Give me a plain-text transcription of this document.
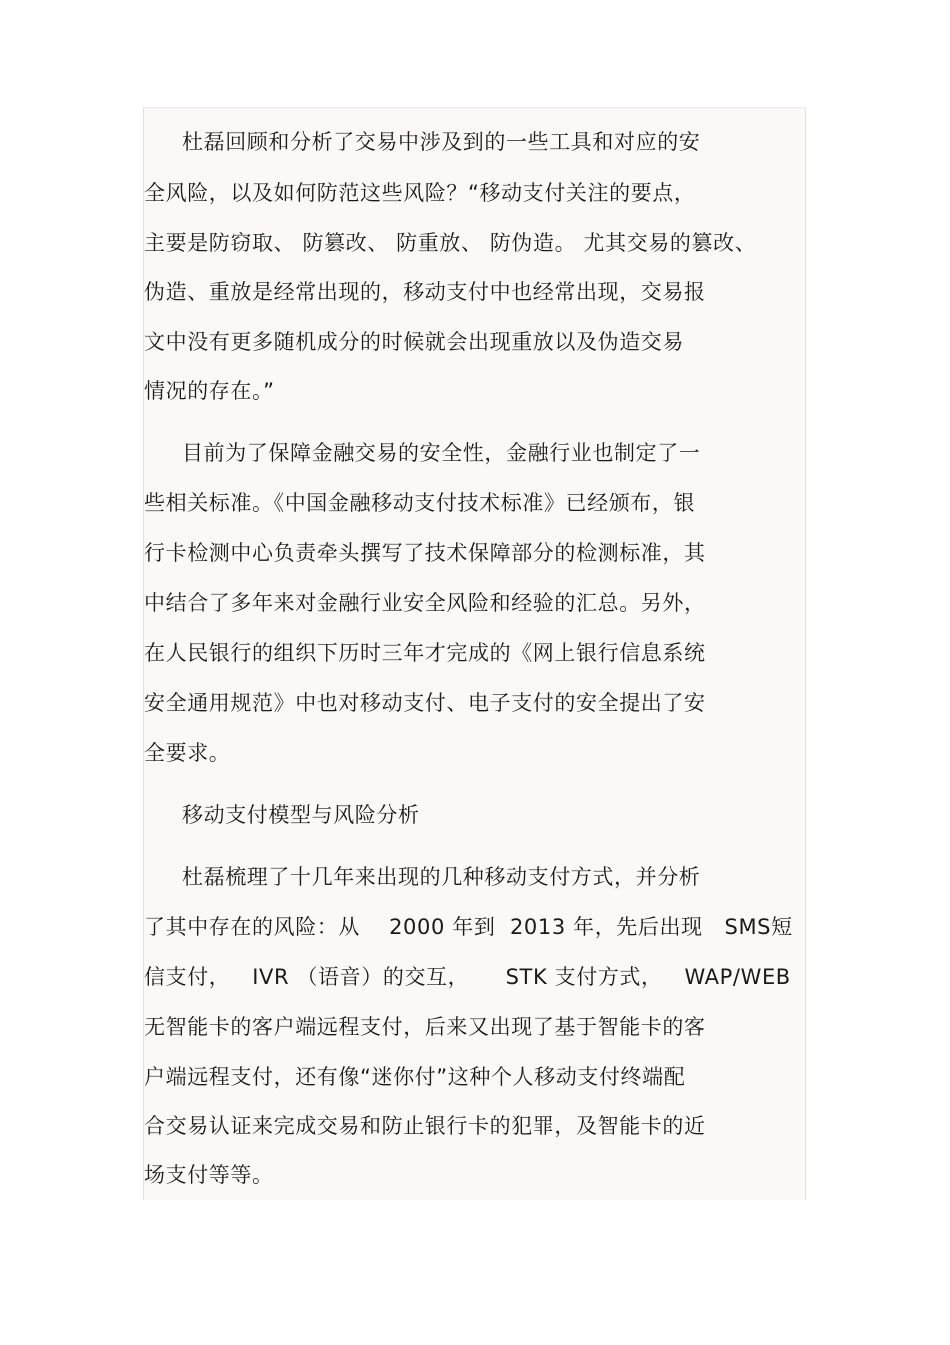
杜磊回顾和分析了交易中涉及到的一些工具和对应的安
全风险，以及如何防范这些风险？“移动支付关注的要点，
主要是防窃取、 防篡改、 防重放、 防伪造。 尤其交易的篡改、
伪造、重放是经常出现的，移动支付中也经常出现，交易报
文中没有更多随机成分的时候就会出现重放以及伪造交易
情况的存在。”
目前为了保障金融交易的安全性，金融行业也制定了一
些相关标准。《中国金融移动支付技术标准》已经颁布，银
行卡检测中心负责牵头撰写了技术保障部分的检测标准，其
中结合了多年来对金融行业安全风险和经验的汇总。另外，
在人民银行的组织下历时三年才完成的《网上银行信息系统
安全通用规范》中也对移动支付、电子支付的安全提出了安
全要求。
移动支付模型与风险分析
杜磊梳理了十几年来出现的几种移动支付方式，并分析
了其中存在的风险：从    2000 年到  2013 年，先后出现   SMS短
信支付，   IVR （语音）的交互，     STK 支付方式，   WAP/WEB
无智能卡的客户端远程支付，后来又出现了基于智能卡的客
户端远程支付，还有像“迷你付”这种个人移动支付终端配
合交易认证来完成交易和防止银行卡的犯罪，及智能卡的近
场支付等等。
